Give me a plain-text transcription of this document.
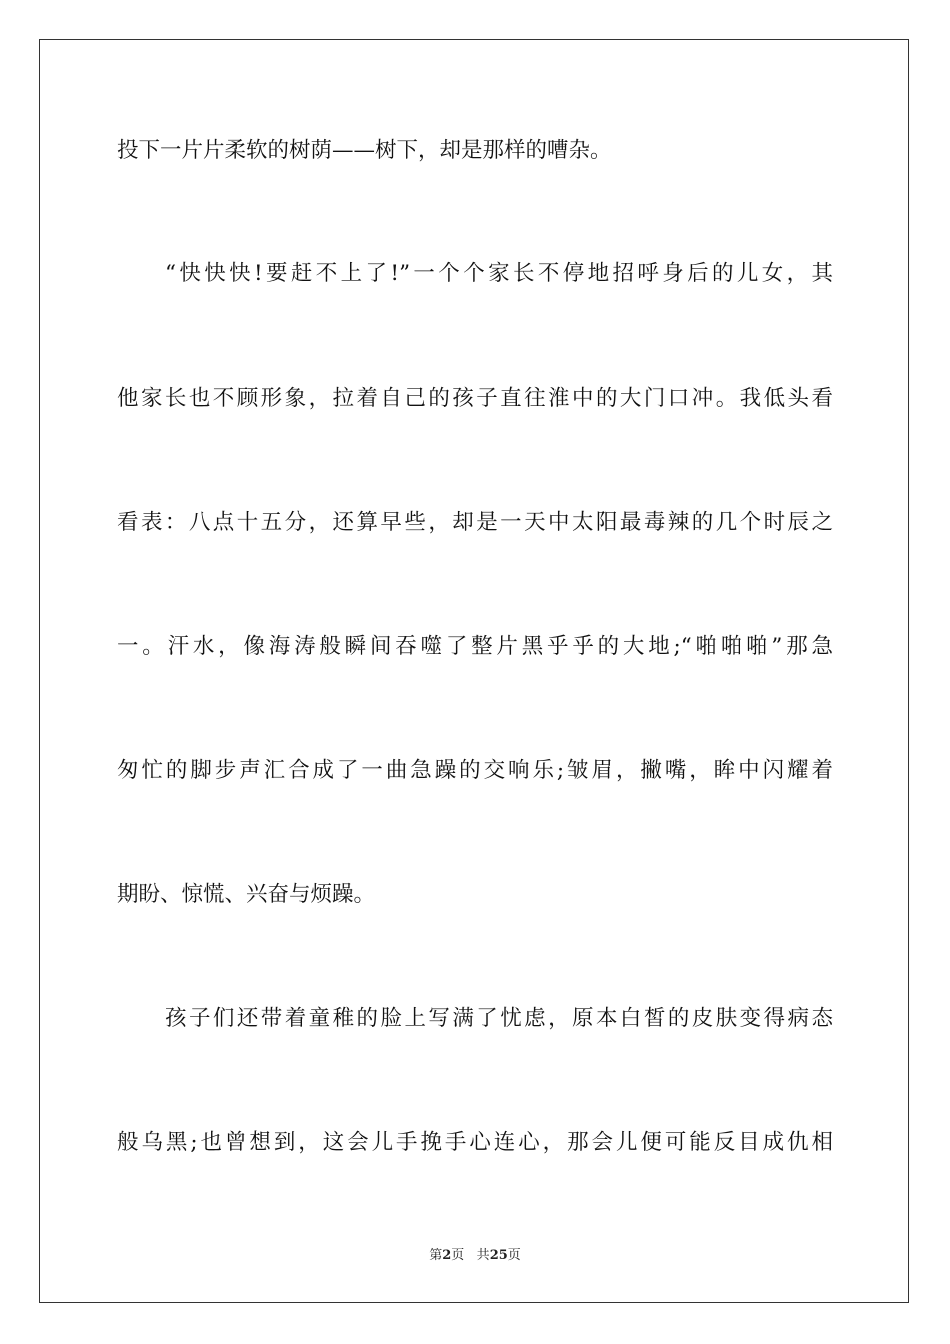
投下一片片柔软的树荫——树下，却是那样的嘈杂。
“快快快!要赶不上了!”一个个家长不停地招呼身后的儿女，其
他家长也不顾形象，拉着自己的孩子直往淮中的大门口冲。我低头看
看表：八点十五分，还算早些，却是一天中太阳最毒辣的几个时辰之
一。汗水，像海涛般瞬间吞噬了整片黑乎乎的大地;“啪啪啪”那急
匆忙的脚步声汇合成了一曲急躁的交响乐;皱眉，撇嘴，眸中闪耀着
期盼、惊慌、兴奋与烦躁。
孩子们还带着童稚的脸上写满了忧虑，原本白皙的皮肤变得病态
般乌黑;也曾想到，这会儿手挽手心连心，那会儿便可能反目成仇相
第2页 共25页
